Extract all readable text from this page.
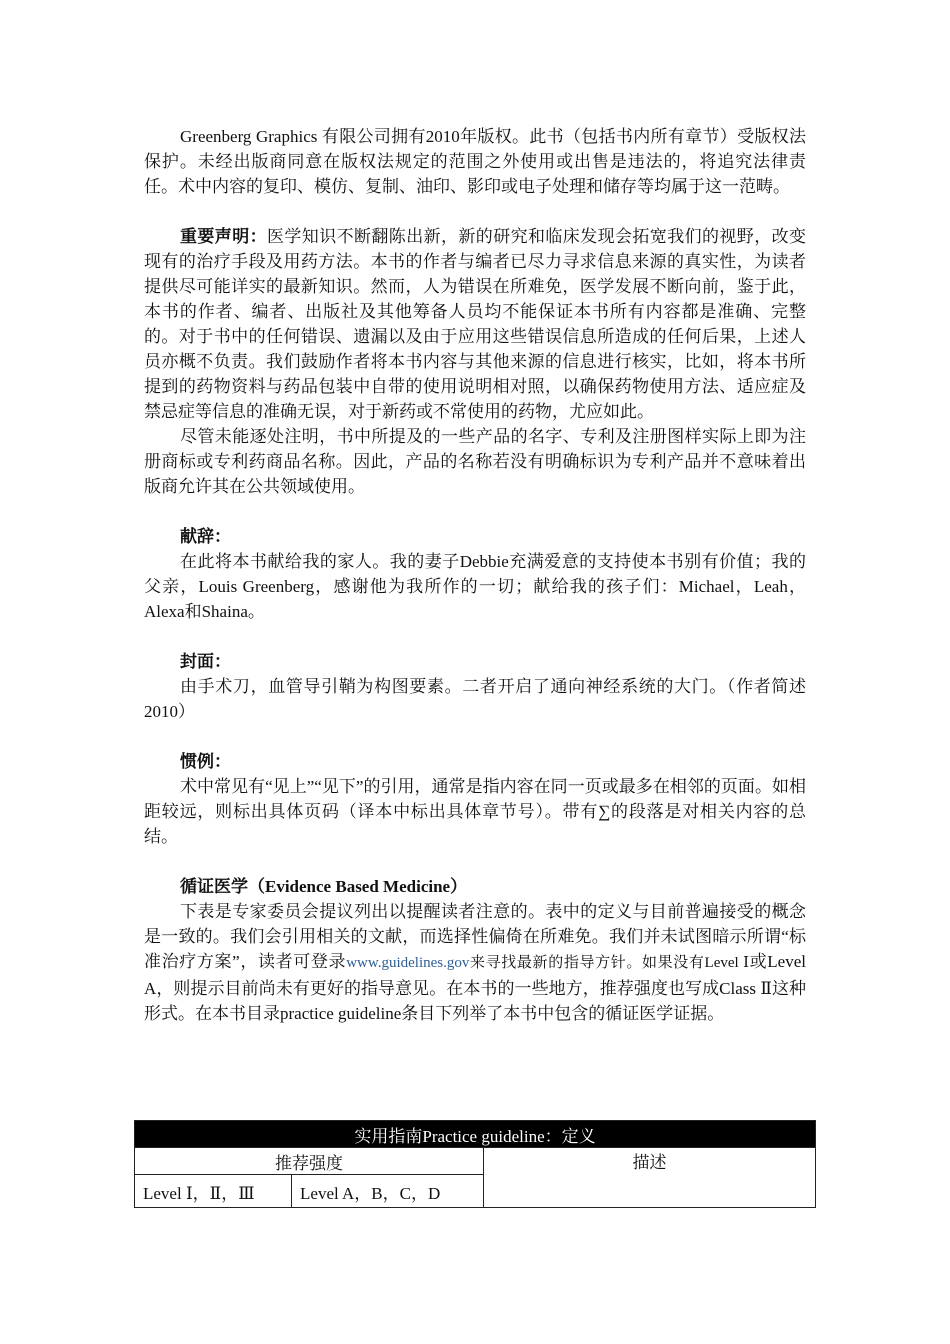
Greenberg Graphics 有限公司拥有2010年版权。此书（包括书内所有章节）受版权法保护。未经出版商同意在版权法规定的范围之外使用或出售是违法的，将追究法律责任。术中内容的复印、模仿、复制、油印、影印或电子处理和储存等均属于这一范畴。

重要声明：医学知识不断翻陈出新，新的研究和临床发现会拓宽我们的视野，改变现有的治疗手段及用药方法。本书的作者与编者已尽力寻求信息来源的真实性，为读者提供尽可能详实的最新知识。然而，人为错误在所难免，医学发展不断向前，鉴于此，本书的作者、编者、出版社及其他筹备人员均不能保证本书所有内容都是准确、完整的。对于书中的任何错误、遗漏以及由于应用这些错误信息所造成的任何后果，上述人员亦概不负责。我们鼓励作者将本书内容与其他来源的信息进行核实，比如，将本书所提到的药物资料与药品包装中自带的使用说明相对照，以确保药物使用方法、适应症及禁忌症等信息的准确无误，对于新药或不常使用的药物，尤应如此。

尽管未能逐处注明，书中所提及的一些产品的名字、专利及注册图样实际上即为注册商标或专利药商品名称。因此，产品的名称若没有明确标识为专利产品并不意味着出版商允许其在公共领域使用。

献辞：

在此将本书献给我的家人。我的妻子Debbie充满爱意的支持使本书别有价值；我的父亲，Louis Greenberg，感谢他为我所作的一切；献给我的孩子们：Michael，Leah，Alexa和Shaina。

封面：

由手术刀，血管导引鞘为构图要素。二者开启了通向神经系统的大门。（作者简述2010）

惯例：

术中常见有“见上”“见下”的引用，通常是指内容在同一页或最多在相邻的页面。如相距较远，则标出具体页码（译本中标出具体章节号）。带有∑的段落是对相关内容的总结。

循证医学（Evidence Based Medicine）

下表是专家委员会提议列出以提醒读者注意的。表中的定义与目前普遍接受的概念是一致的。我们会引用相关的文献，而选择性偏倚在所难免。我们并未试图暗示所谓“标准治疗方案”，读者可登录www.guidelines.gov来寻找最新的指导方针。如果没有Level Ⅰ或Level A，则提示目前尚未有更好的指导意见。在本书的一些地方，推荐强度也写成Class Ⅱ这种形式。在本书目录practice guideline条目下列举了本书中包含的循证医学证据。

实用指南Practice guideline：定义		
推荐强度		描述
Level Ⅰ，Ⅱ，Ⅲ	Level A，B，C，D	
